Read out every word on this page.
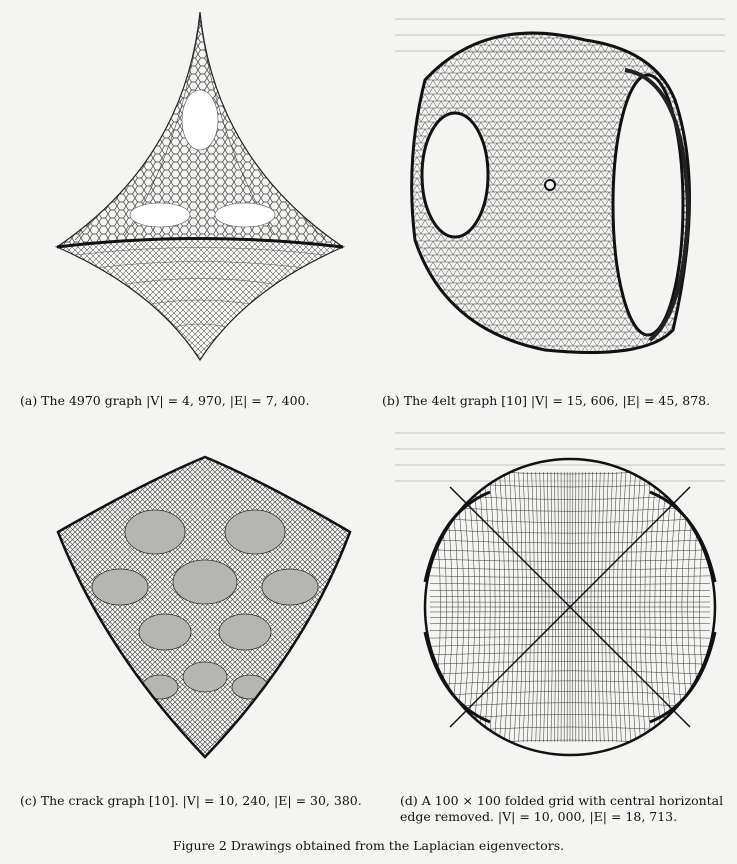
(a) The 4970 graph |V| = 4, 970, |E| = 7, 400.	(b) The 4elt graph [10] |V| = 15, 606, |E| = 45, 878.
(c) The crack graph [10]. |V| = 10, 240, |E| = 30, 380.	(d) A 100 × 100 folded grid with central horizontal edge removed. |V| = 10, 000, |E| = 18, 713.
Figure 2 Drawings obtained from the Laplacian eigenvectors.
